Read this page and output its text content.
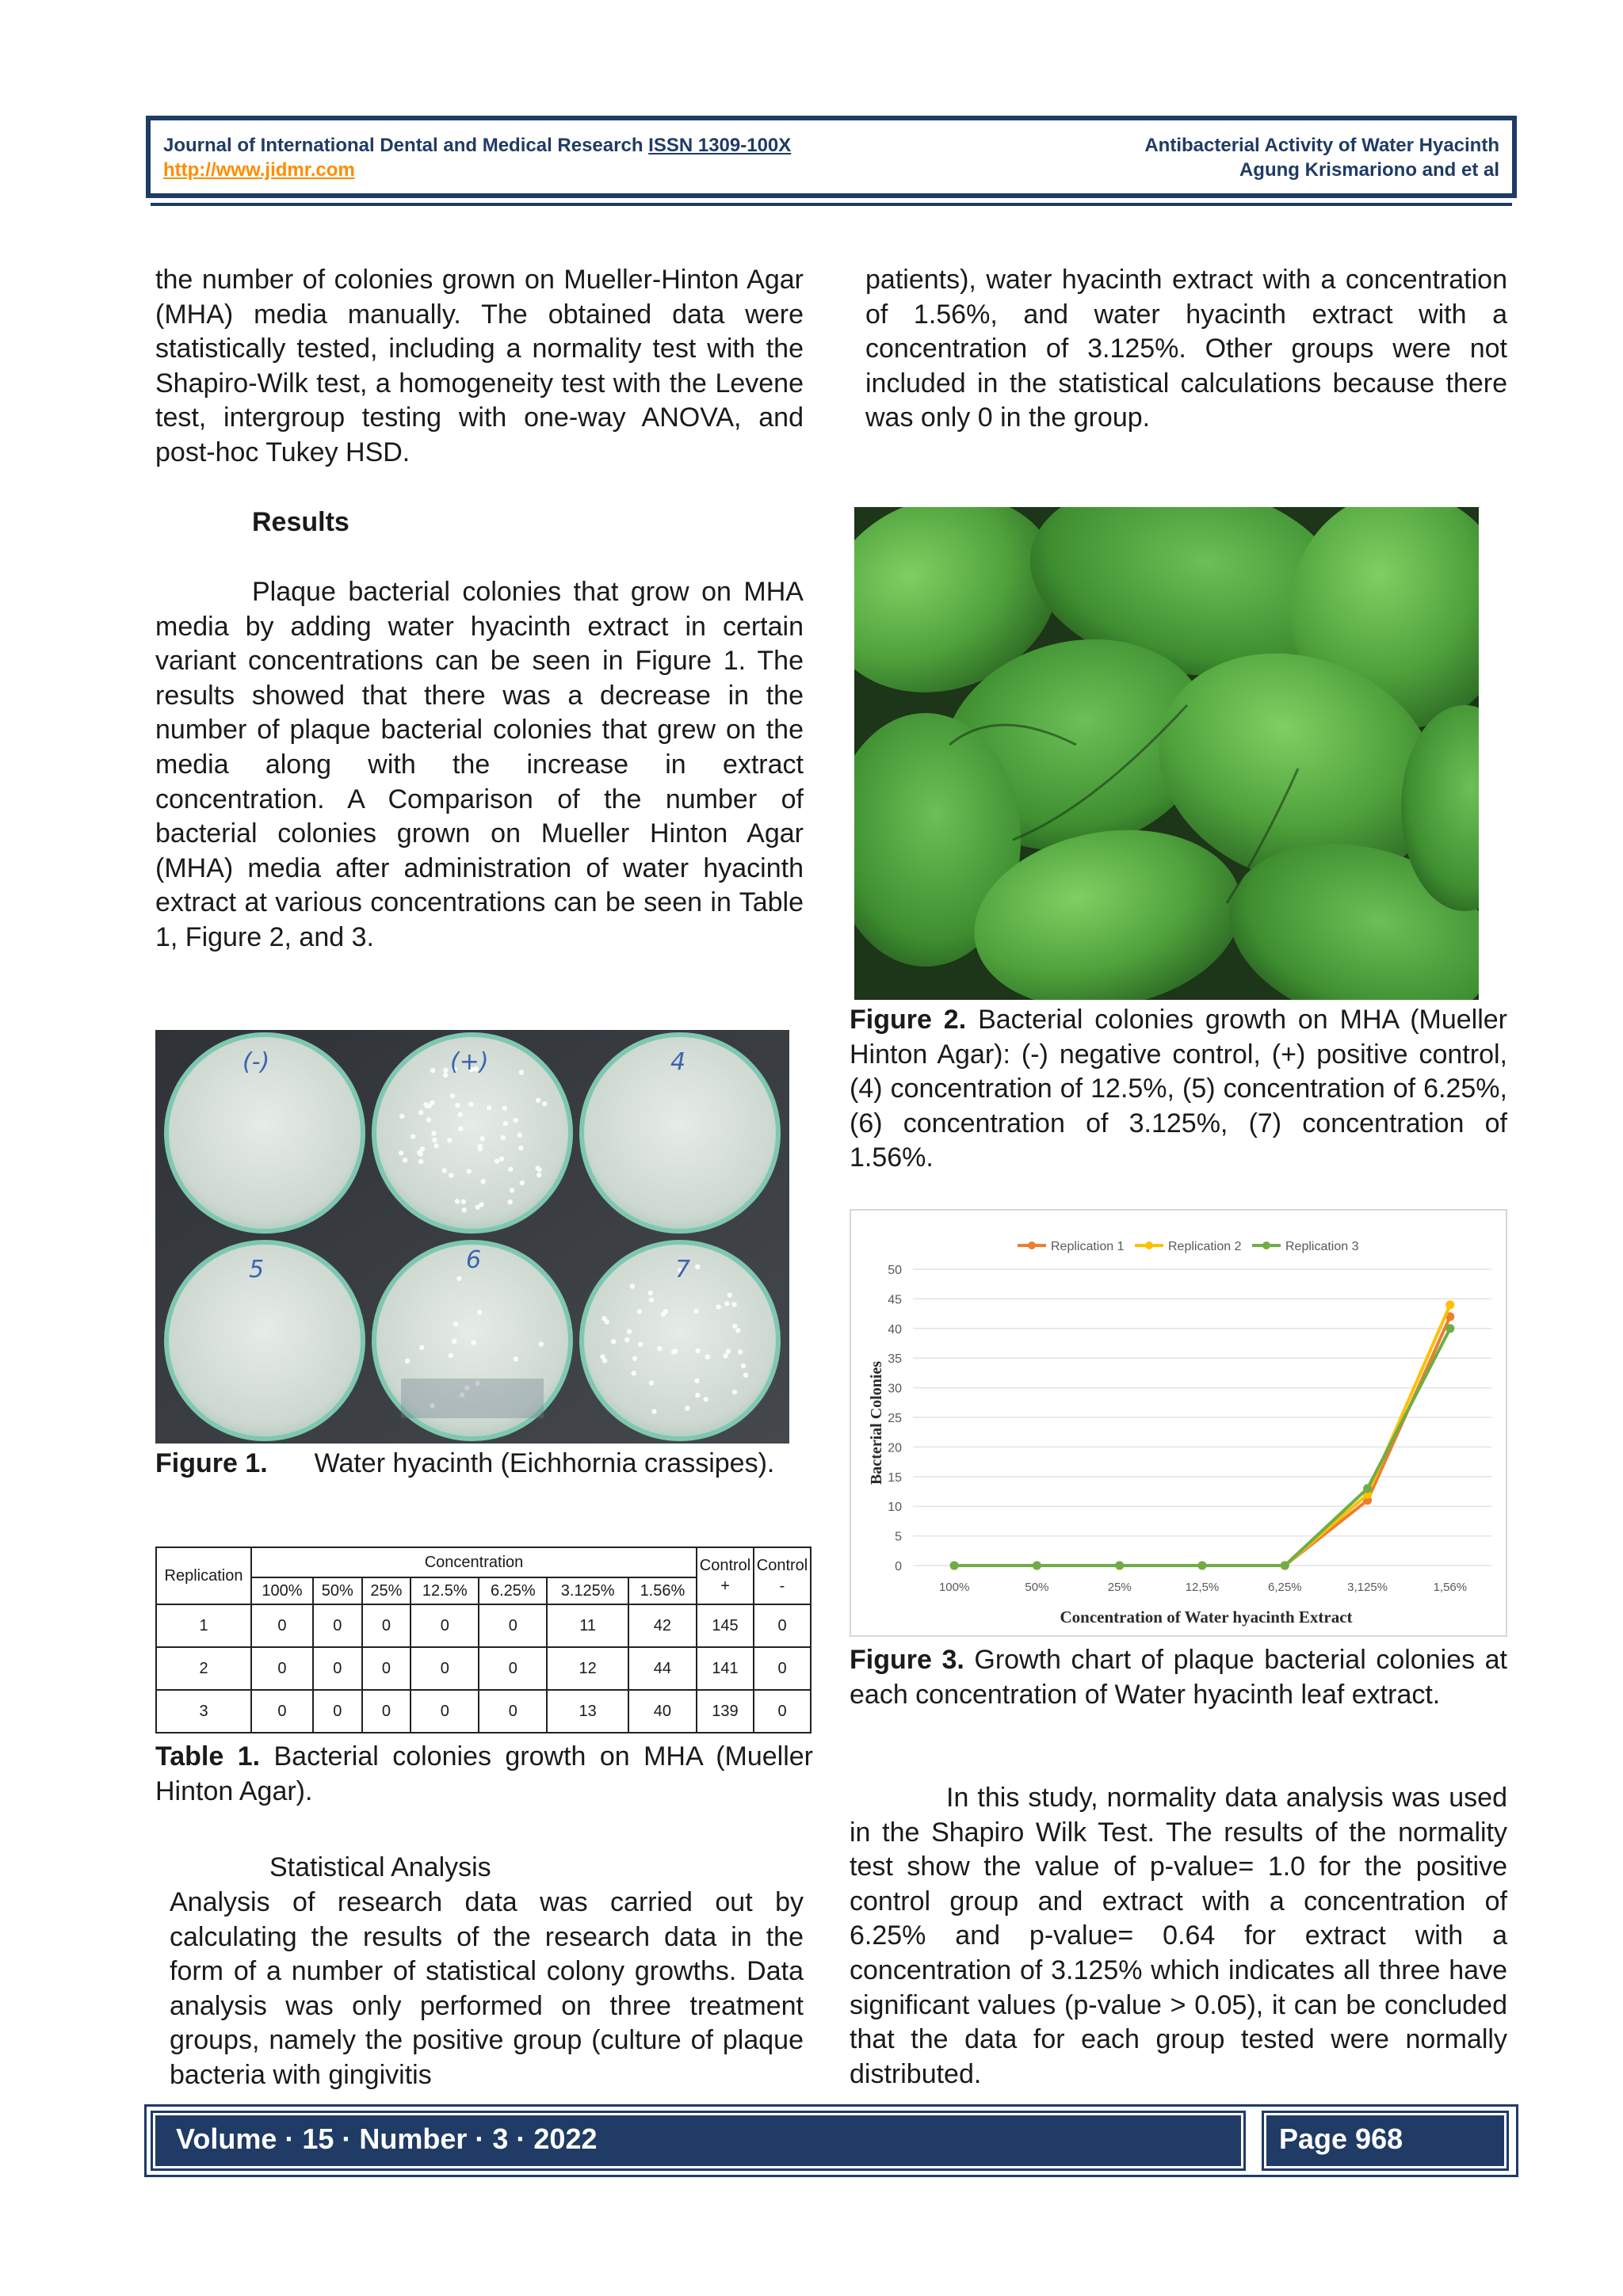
Journal of International Dental and Medical Research ISSN 1309-100X	Antibacterial Activity of Water Hyacinth
http://www.jidmr.com	Agung Krismariono and et al

the number of colonies grown on Mueller-Hinton Agar (MHA) media manually. The obtained data were statistically tested, including a normality test with the Shapiro-Wilk test, a homogeneity test with the Levene test, intergroup testing with one-way ANOVA, and post-hoc Tukey HSD.

Results

Plaque bacterial colonies that grow on MHA media by adding water hyacinth extract in certain variant concentrations can be seen in Figure 1. The results showed that there was a decrease in the number of plaque bacterial colonies that grew on the media along with the increase in extract concentration. A Comparison of the number of bacterial colonies grown on Mueller Hinton Agar (MHA) media after administration of water hyacinth extract at various concentrations can be seen in Table 1, Figure 2, and 3.

(-)	(+)	4
5	6	7
Figure 1. Water hyacinth (Eichhornia crassipes).
Replication	Concentration							Control +	Control -
	100%	50%	25%	12.5%	6.25%	3.125%	1.56%		
1	0	0	0	0	0	11	42	145	0
2	0	0	0	0	0	12	44	141	0
3	0	0	0	0	0	13	40	139	0
Table 1. Bacterial colonies growth on MHA (Mueller Hinton Agar).
Statistical Analysis

Analysis of research data was carried out by calculating the results of the research data in the form of a number of statistical colony growths. Data analysis was only performed on three treatment groups, namely the positive group (culture of plaque bacteria with gingivitis

patients), water hyacinth extract with a concentration of 1.56%, and water hyacinth extract with a concentration of 3.125%. Other groups were not included in the statistical calculations because there was only 0 in the group.

Figure 2. Bacterial colonies growth on MHA (Mueller Hinton Agar): (-) negative control, (+) positive control, (4) concentration of 12.5%, (5) concentration of 6.25%, (6) concentration of 3.125%, (7) concentration of 1.56%.
Replication 1	Replication 2	Replication 3
0
5
10
15
20
25
30
35
40
45
50
100%	50%	25%	12,5%	6,25%	3,125%	1,56%
Bacterial Colonies
Concentration of Water hyacinth Extract
Figure 3. Growth chart of plaque bacterial colonies at each concentration of Water hyacinth leaf extract.

In this study, normality data analysis was used in the Shapiro Wilk Test. The results of the normality test show the value of p-value= 1.0 for the positive control group and extract with a concentration of 6.25% and p-value= 0.64 for extract with a concentration of 3.125% which indicates all three have significant values (p-value > 0.05), it can be concluded that the data for each group tested were normally distributed.

Volume · 15 · Number · 3 · 2022	Page 968
